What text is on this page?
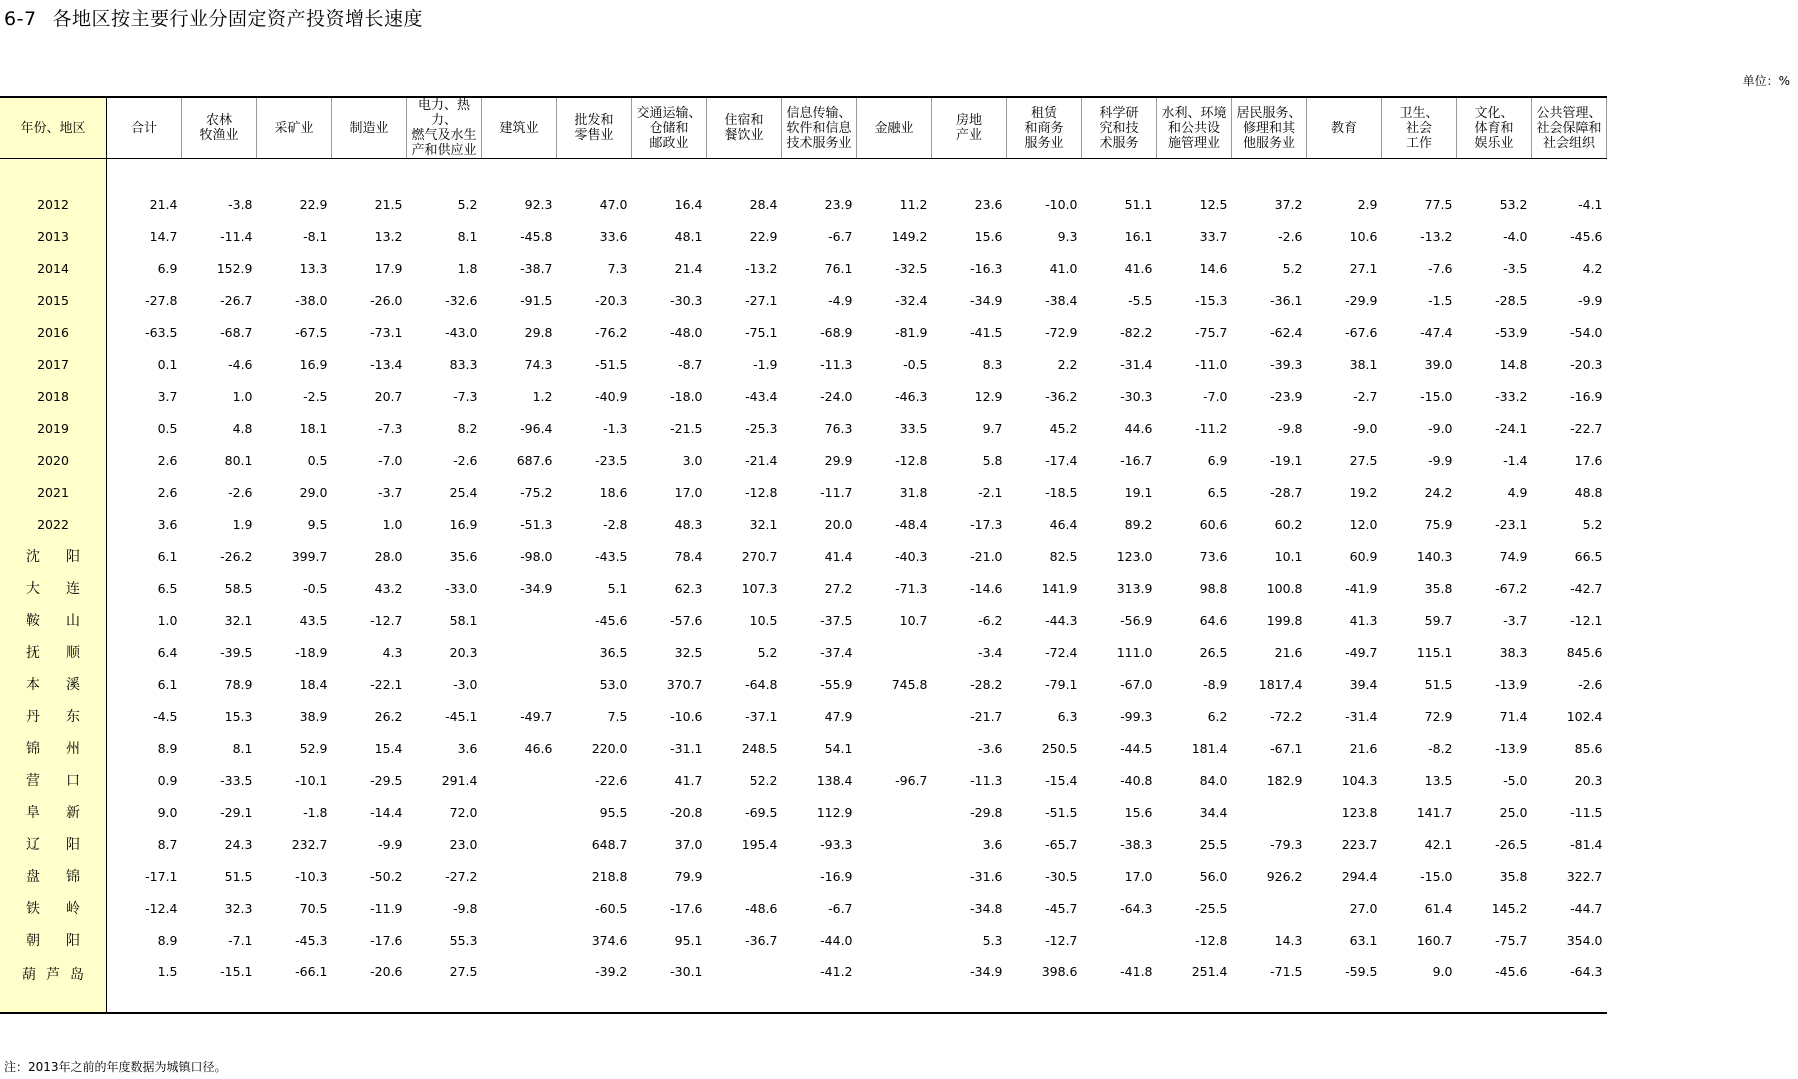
6-7 各地区按主要行业分固定资产投资增长速度
单位：%
年份、地区	合计	农林
牧渔业	采矿业	制造业	电力、热力、
燃气及水生
产和供应业	建筑业	批发和
零售业	交通运输、
仓储和
邮政业	住宿和
餐饮业	信息传输、
软件和信息
技术服务业	金融业	房地
产业	租赁
和商务
服务业	科学研
究和技
术服务	水利、环境
和公共设
施管理业	居民服务、
修理和其
他服务业	教育	卫生、
社会
工作	文化、
体育和
娱乐业	公共管理、
社会保障和
社会组织

2012	21.4	-3.8	22.9	21.5	5.2	92.3	47.0	16.4	28.4	23.9	11.2	23.6	-10.0	51.1	12.5	37.2	2.9	77.5	53.2	-4.1
2013	14.7	-11.4	-8.1	13.2	8.1	-45.8	33.6	48.1	22.9	-6.7	149.2	15.6	9.3	16.1	33.7	-2.6	10.6	-13.2	-4.0	-45.6
2014	6.9	152.9	13.3	17.9	1.8	-38.7	7.3	21.4	-13.2	76.1	-32.5	-16.3	41.0	41.6	14.6	5.2	27.1	-7.6	-3.5	4.2
2015	-27.8	-26.7	-38.0	-26.0	-32.6	-91.5	-20.3	-30.3	-27.1	-4.9	-32.4	-34.9	-38.4	-5.5	-15.3	-36.1	-29.9	-1.5	-28.5	-9.9
2016	-63.5	-68.7	-67.5	-73.1	-43.0	29.8	-76.2	-48.0	-75.1	-68.9	-81.9	-41.5	-72.9	-82.2	-75.7	-62.4	-67.6	-47.4	-53.9	-54.0
2017	0.1	-4.6	16.9	-13.4	83.3	74.3	-51.5	-8.7	-1.9	-11.3	-0.5	8.3	2.2	-31.4	-11.0	-39.3	38.1	39.0	14.8	-20.3
2018	3.7	1.0	-2.5	20.7	-7.3	1.2	-40.9	-18.0	-43.4	-24.0	-46.3	12.9	-36.2	-30.3	-7.0	-23.9	-2.7	-15.0	-33.2	-16.9
2019	0.5	4.8	18.1	-7.3	8.2	-96.4	-1.3	-21.5	-25.3	76.3	33.5	9.7	45.2	44.6	-11.2	-9.8	-9.0	-9.0	-24.1	-22.7
2020	2.6	80.1	0.5	-7.0	-2.6	687.6	-23.5	3.0	-21.4	29.9	-12.8	5.8	-17.4	-16.7	6.9	-19.1	27.5	-9.9	-1.4	17.6
2021	2.6	-2.6	29.0	-3.7	25.4	-75.2	18.6	17.0	-12.8	-11.7	31.8	-2.1	-18.5	19.1	6.5	-28.7	19.2	24.2	4.9	48.8
2022	3.6	1.9	9.5	1.0	16.9	-51.3	-2.8	48.3	32.1	20.0	-48.4	-17.3	46.4	89.2	60.6	60.2	12.0	75.9	-23.1	5.2
沈阳	6.1	-26.2	399.7	28.0	35.6	-98.0	-43.5	78.4	270.7	41.4	-40.3	-21.0	82.5	123.0	73.6	10.1	60.9	140.3	74.9	66.5
大连	6.5	58.5	-0.5	43.2	-33.0	-34.9	5.1	62.3	107.3	27.2	-71.3	-14.6	141.9	313.9	98.8	100.8	-41.9	35.8	-67.2	-42.7
鞍山	1.0	32.1	43.5	-12.7	58.1		-45.6	-57.6	10.5	-37.5	10.7	-6.2	-44.3	-56.9	64.6	199.8	41.3	59.7	-3.7	-12.1
抚顺	6.4	-39.5	-18.9	4.3	20.3		36.5	32.5	5.2	-37.4		-3.4	-72.4	111.0	26.5	21.6	-49.7	115.1	38.3	845.6
本溪	6.1	78.9	18.4	-22.1	-3.0		53.0	370.7	-64.8	-55.9	745.8	-28.2	-79.1	-67.0	-8.9	1817.4	39.4	51.5	-13.9	-2.6
丹东	-4.5	15.3	38.9	26.2	-45.1	-49.7	7.5	-10.6	-37.1	47.9		-21.7	6.3	-99.3	6.2	-72.2	-31.4	72.9	71.4	102.4
锦州	8.9	8.1	52.9	15.4	3.6	46.6	220.0	-31.1	248.5	54.1		-3.6	250.5	-44.5	181.4	-67.1	21.6	-8.2	-13.9	85.6
营口	0.9	-33.5	-10.1	-29.5	291.4		-22.6	41.7	52.2	138.4	-96.7	-11.3	-15.4	-40.8	84.0	182.9	104.3	13.5	-5.0	20.3
阜新	9.0	-29.1	-1.8	-14.4	72.0		95.5	-20.8	-69.5	112.9		-29.8	-51.5	15.6	34.4		123.8	141.7	25.0	-11.5
辽阳	8.7	24.3	232.7	-9.9	23.0		648.7	37.0	195.4	-93.3		3.6	-65.7	-38.3	25.5	-79.3	223.7	42.1	-26.5	-81.4
盘锦	-17.1	51.5	-10.3	-50.2	-27.2		218.8	79.9		-16.9		-31.6	-30.5	17.0	56.0	926.2	294.4	-15.0	35.8	322.7
铁岭	-12.4	32.3	70.5	-11.9	-9.8		-60.5	-17.6	-48.6	-6.7		-34.8	-45.7	-64.3	-25.5		27.0	61.4	145.2	-44.7
朝阳	8.9	-7.1	-45.3	-17.6	55.3		374.6	95.1	-36.7	-44.0		5.3	-12.7		-12.8	14.3	63.1	160.7	-75.7	354.0
葫芦岛	1.5	-15.1	-66.1	-20.6	27.5		-39.2	-30.1		-41.2		-34.9	398.6	-41.8	251.4	-71.5	-59.5	9.0	-45.6	-64.3
注：2013年之前的年度数据为城镇口径。
